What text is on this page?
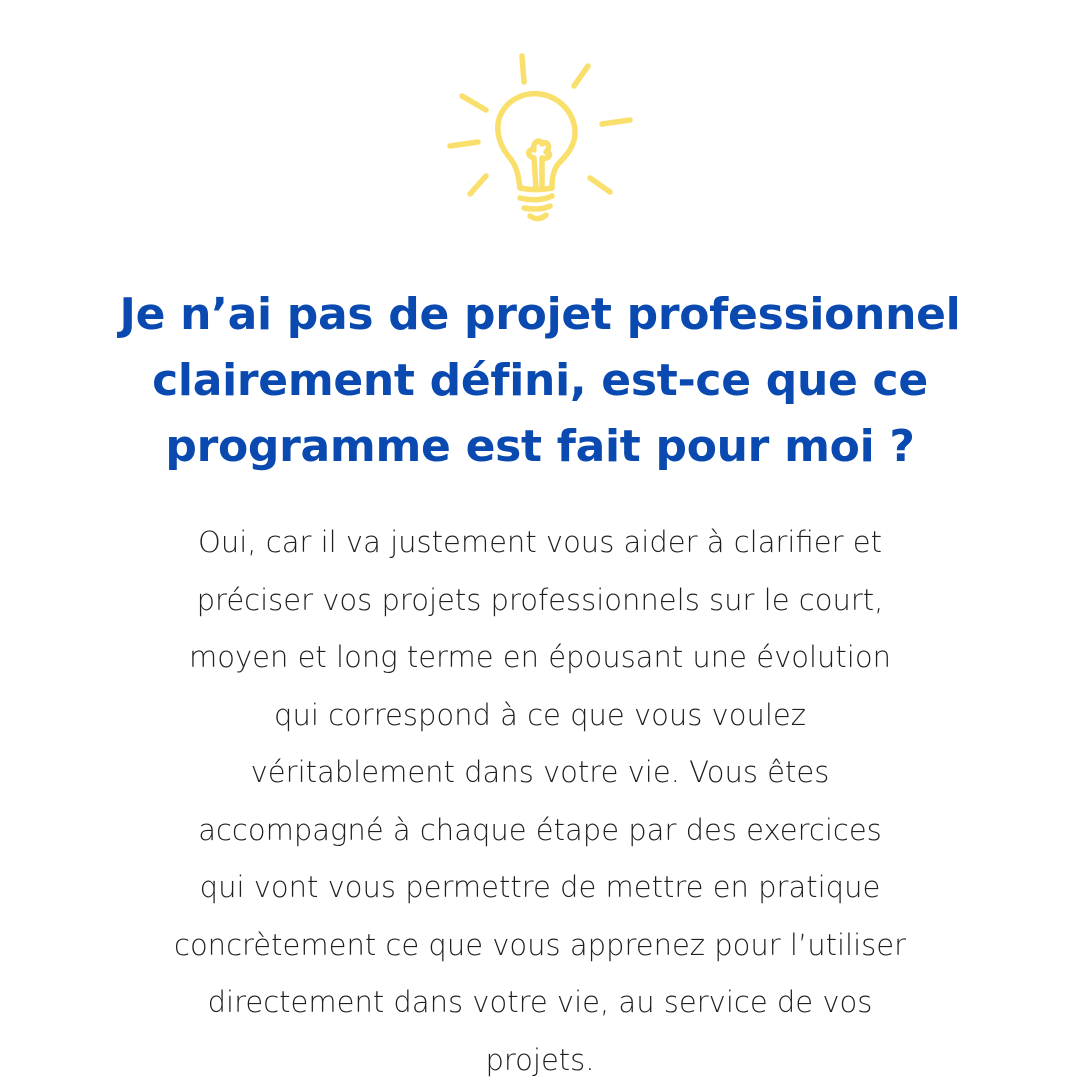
Je n’ai pas de projet professionnel
clairement défini, est-ce que ce
programme est fait pour moi ?
Oui, car il va justement vous aider à clarifier et
préciser vos projets professionnels sur le court,
moyen et long terme en épousant une évolution
qui correspond à ce que vous voulez
véritablement dans votre vie. Vous êtes
accompagné à chaque étape par des exercices
qui vont vous permettre de mettre en pratique
concrètement ce que vous apprenez pour l’utiliser
directement dans votre vie, au service de vos
projets.
